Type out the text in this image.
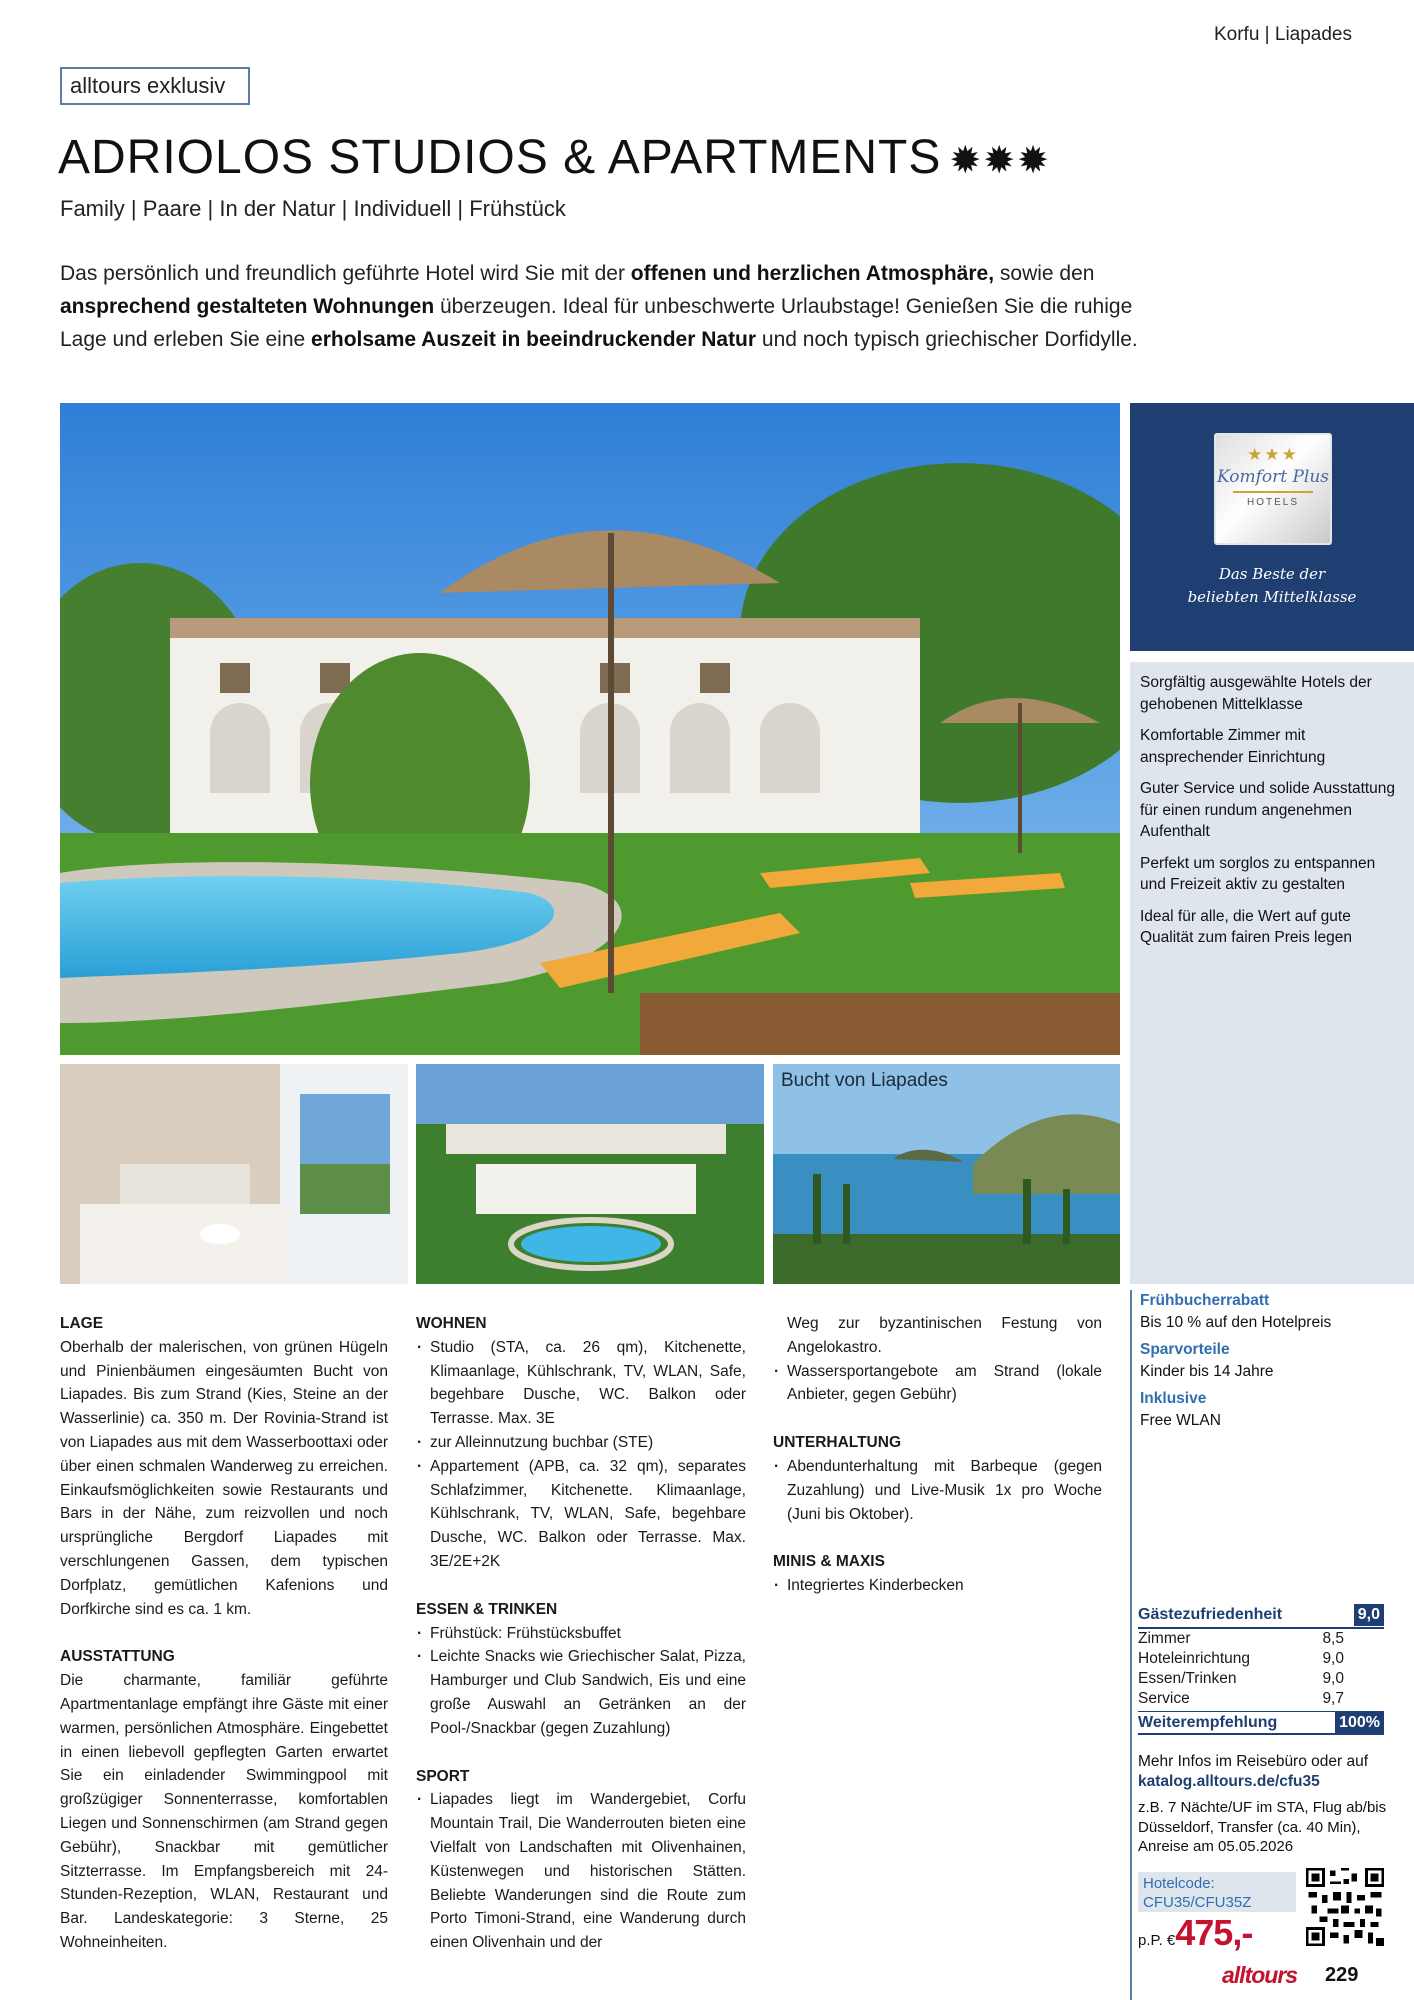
Korfu | Liapades
alltours exklusiv
ADRIOLOS STUDIOS & APARTMENTS ✹✹✹
Family | Paare | In der Natur | Individuell | Frühstück
Das persönlich und freundlich geführte Hotel wird Sie mit der offenen und herzlichen Atmosphäre, sowie den ansprechend gestalteten Wohnungen überzeugen. Ideal für unbeschwerte Urlaubstage! Genießen Sie die ruhige Lage und erleben Sie eine erholsame Auszeit in beeindruckender Natur und noch typisch griechischer Dorfidylle.
Bucht von Liapades
★★★
Komfort Plus
HOTELS
Das Beste der
beliebten Mittelklasse
Sorgfältig ausgewählte Hotels der gehobenen Mittelklasse
Komfortable Zimmer mit ansprechender Einrichtung
Guter Service und solide Ausstattung für einen rundum angenehmen Aufenthalt
Perfekt um sorglos zu entspannen und Freizeit aktiv zu gestalten
Ideal für alle, die Wert auf gute Qualität zum fairen Preis legen
LAGE

Oberhalb der malerischen, von grünen Hügeln und Pinienbäumen eingesäumten Bucht von Liapades. Bis zum Strand (Kies, Steine an der Wasserlinie) ca. 350 m. Der Rovinia-Strand ist von Liapades aus mit dem Wasserboottaxi oder über einen schmalen Wanderweg zu erreichen. Einkaufsmöglichkeiten sowie Restaurants und Bars in der Nähe, zum reizvollen und noch ursprüngliche Bergdorf Liapades mit verschlungenen Gassen, dem typischen Dorfplatz, gemütlichen Kafenions und Dorfkirche sind es ca. 1 km.

AUSSTATTUNG

Die charmante, familiär geführte Apartmentanlage empfängt ihre Gäste mit einer warmen, persönlichen Atmosphäre. Eingebettet in einen liebevoll gepflegten Garten erwartet Sie ein einladender Swimmingpool mit großzügiger Sonnenterrasse, komfortablen Liegen und Sonnenschirmen (am Strand gegen Gebühr), Snackbar mit gemütlicher Sitzterrasse. Im Empfangsbereich mit 24-Stunden-Rezeption, WLAN, Restaurant und Bar. Landeskategorie: 3 Sterne, 25 Wohneinheiten.

WOHNEN
· Studio (STA, ca. 26 qm), Kitchenette, Klimaanlage, Kühlschrank, TV, WLAN, Safe, begehbare Dusche, WC. Balkon oder Terrasse. Max. 3E
· zur Alleinnutzung buchbar (STE)
· Appartement (APB, ca. 32 qm), separates Schlafzimmer, Kitchenette. Klimaanlage, Kühlschrank, TV, WLAN, Safe, begehbare Dusche, WC. Balkon oder Terrasse. Max. 3E/2E+2K
ESSEN & TRINKEN
· Frühstück: Frühstücksbuffet
· Leichte Snacks wie Griechischer Salat, Pizza, Hamburger und Club Sandwich, Eis und eine große Auswahl an Getränken an der Pool-/Snackbar (gegen Zuzahlung)
SPORT
· Liapades liegt im Wandergebiet, Corfu Mountain Trail, Die Wanderrouten bieten eine Vielfalt von Landschaften mit Olivenhainen, Küstenwegen und historischen Stätten. Beliebte Wanderungen sind die Route zum Porto Timoni-Strand, eine Wanderung durch einen Olivenhain und der

Weg zur byzantinischen Festung von Angelokastro.

· Wassersportangebote am Strand (lokale Anbieter, gegen Gebühr)
UNTERHALTUNG
· Abendunterhaltung mit Barbeque (gegen Zuzahlung) und Live-Musik 1x pro Woche (Juni bis Oktober).
MINIS & MAXIS
· Integriertes Kinderbecken
Frühbucherrabatt
Bis 10 % auf den Hotelpreis
Sparvorteile
Kinder bis 14 Jahre
Inklusive
Free WLAN
Gästezufriedenheit	9,0
Zimmer	8,5
Hoteleinrichtung	9,0
Essen/Trinken	9,0
Service	9,7
Weiterempfehlung	100%
Mehr Infos im Reisebüro oder auf
katalog.alltours.de/cfu35
z.B. 7 Nächte/UF im STA, Flug ab/bis Düsseldorf, Transfer (ca. 40 Min), Anreise am 05.05.2026
Hotelcode:
CFU35/CFU35Z
p.P. €475,-
alltours 229
